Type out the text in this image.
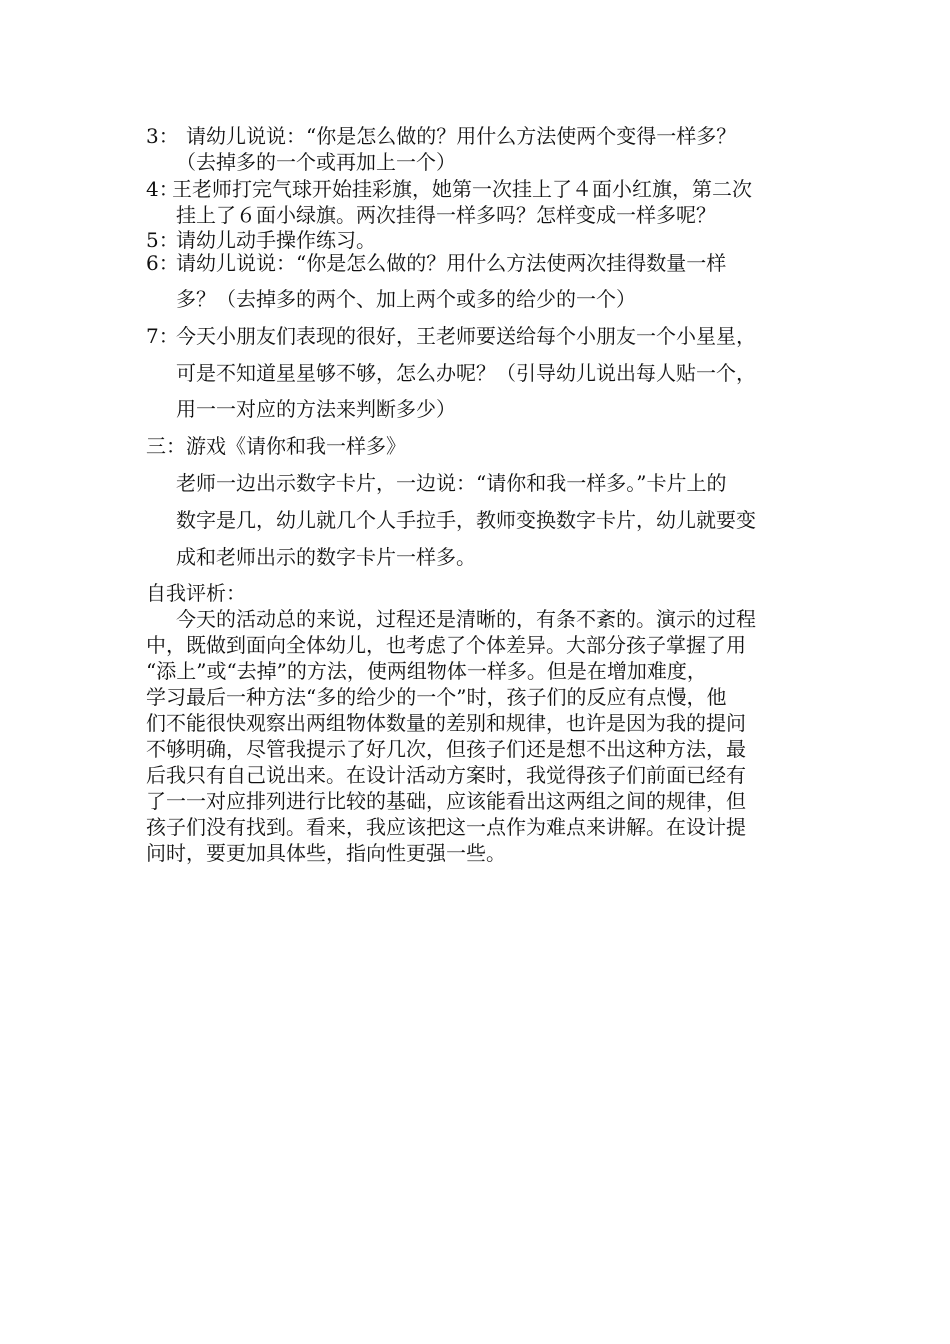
3： 请幼儿说说：“你是怎么做的？用什么方法使两个变得一样多？
（去掉多的一个或再加上一个）
4：
王老师打完气球开始挂彩旗，她第一次挂上了４面小红旗，第二次
挂上了６面小绿旗。两次挂得一样多吗？怎样变成一样多呢？
5：
请幼儿动手操作练习。
6：
请幼儿说说：“你是怎么做的？用什么方法使两次挂得数量一样
多？（去掉多的两个、加上两个或多的给少的一个）
7：
今天小朋友们表现的很好，王老师要送给每个小朋友一个小星星，
可是不知道星星够不够，怎么办呢？（引导幼儿说出每人贴一个，
用一一对应的方法来判断多少）
三：游戏《请你和我一样多》
老师一边出示数字卡片，一边说：“请你和我一样多。”卡片上的
数字是几，幼儿就几个人手拉手，教师变换数字卡片，幼儿就要变
成和老师出示的数字卡片一样多。
自我评析：
今天的活动总的来说，过程还是清晰的，有条不紊的。演示的过程
中，既做到面向全体幼儿，也考虑了个体差异。大部分孩子掌握了用
“添上”或“去掉”的方法，使两组物体一样多。但是在增加难度，
学习最后一种方法“多的给少的一个”时，孩子们的反应有点慢，他
们不能很快观察出两组物体数量的差别和规律，也许是因为我的提问
不够明确，尽管我提示了好几次，但孩子们还是想不出这种方法，最
后我只有自己说出来。在设计活动方案时，我觉得孩子们前面已经有
了一一对应排列进行比较的基础，应该能看出这两组之间的规律，但
孩子们没有找到。看来，我应该把这一点作为难点来讲解。在设计提
问时，要更加具体些，指向性更强一些。
